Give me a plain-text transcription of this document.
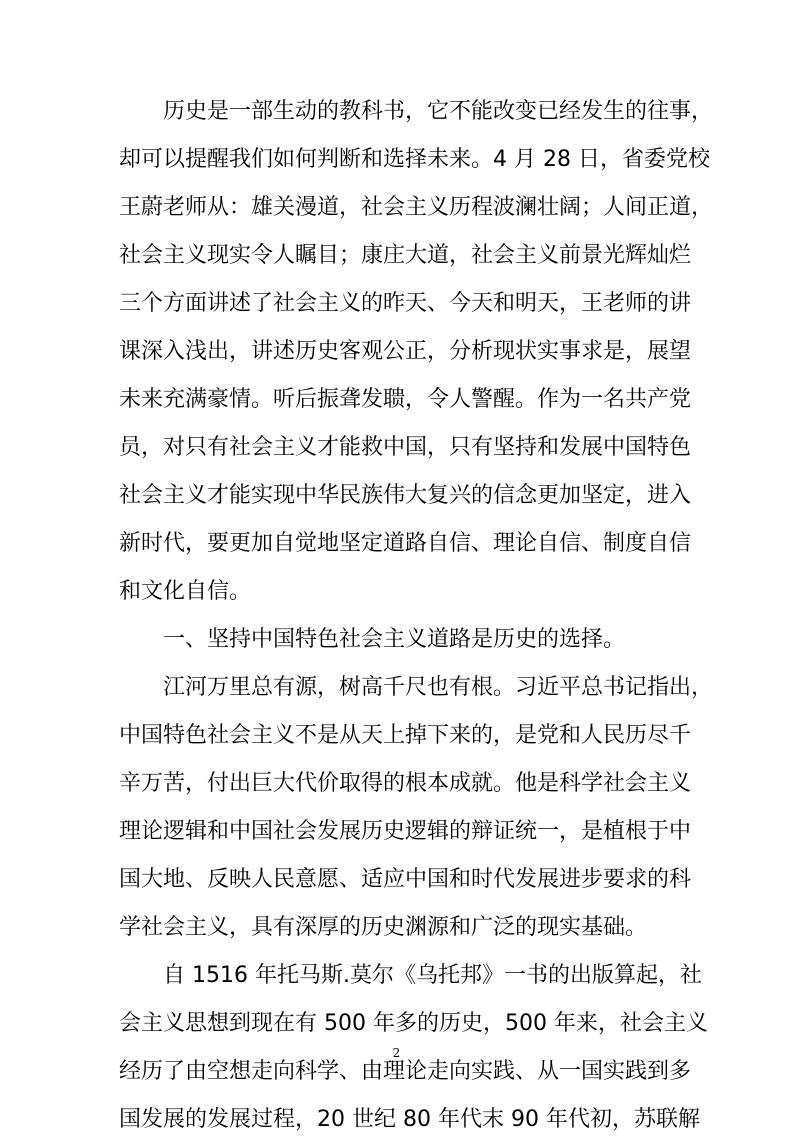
历史是一部生动的教科书，它不能改变已经发生的往事，
却可以提醒我们如何判断和选择未来。4 月 28 日，省委党校
王蔚老师从：雄关漫道，社会主义历程波澜壮阔；人间正道，
社会主义现实令人瞩目；康庄大道，社会主义前景光辉灿烂
三个方面讲述了社会主义的昨天、今天和明天，王老师的讲
课深入浅出，讲述历史客观公正，分析现状实事求是，展望
未来充满豪情。听后振聋发聩，令人警醒。作为一名共产党
员，对只有社会主义才能救中国，只有坚持和发展中国特色
社会主义才能实现中华民族伟大复兴的信念更加坚定，进入
新时代，要更加自觉地坚定道路自信、理论自信、制度自信
和文化自信。
一、坚持中国特色社会主义道路是历史的选择。
江河万里总有源，树高千尺也有根。习近平总书记指出，
中国特色社会主义不是从天上掉下来的，是党和人民历尽千
辛万苦，付出巨大代价取得的根本成就。他是科学社会主义
理论逻辑和中国社会发展历史逻辑的辩证统一，是植根于中
国大地、反映人民意愿、适应中国和时代发展进步要求的科
学社会主义，具有深厚的历史渊源和广泛的现实基础。
自 1516 年托马斯.莫尔《乌托邦》一书的出版算起，社
会主义思想到现在有 500 年多的历史，500 年来，社会主义
经历了由空想走向科学、由理论走向实践、从一国实践到多
国发展的发展过程，20 世纪 80 年代末 90 年代初，苏联解
2
